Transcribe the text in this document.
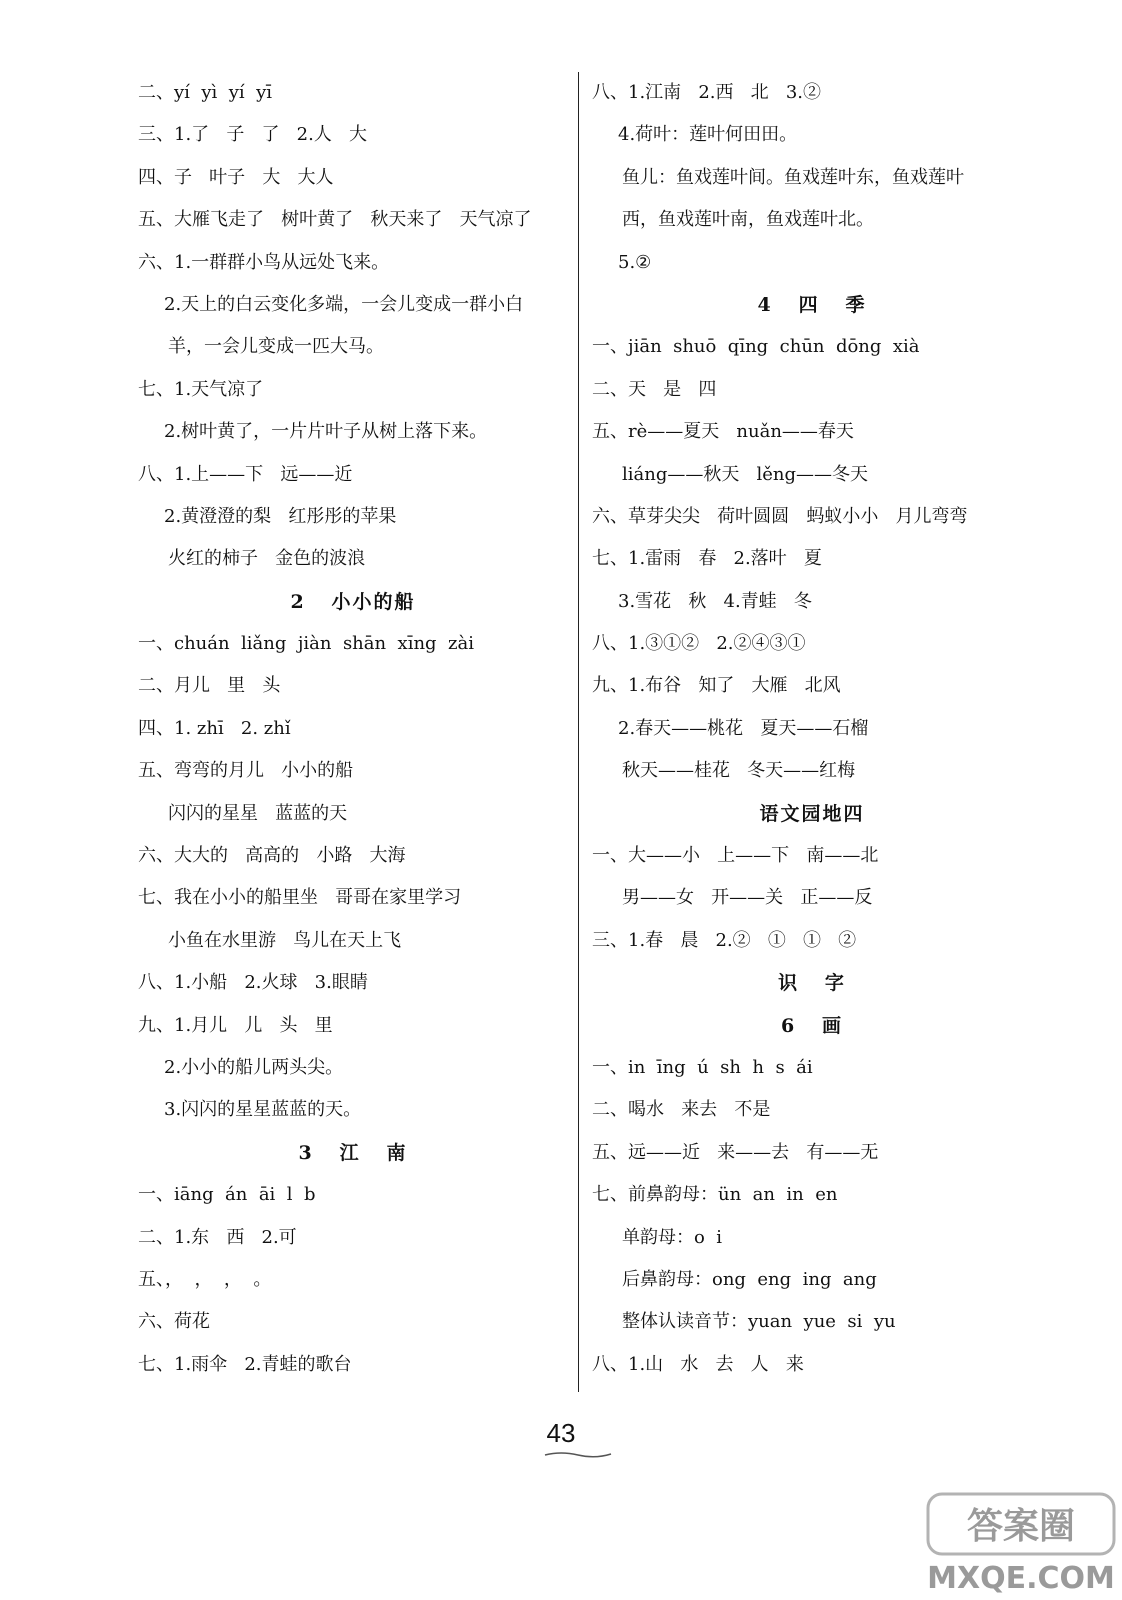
二、yí  yì  yí  yī
三、1.了   子   了   2.人   大
四、子   叶子   大   大人
五、大雁飞走了   树叶黄了   秋天来了   天气凉了
六、1.一群群小鸟从远处飞来。
2.天上的白云变化多端，一会儿变成一群小白
羊，一会儿变成一匹大马。
七、1.天气凉了
2.树叶黄了，一片片叶子从树上落下来。
八、1.上——下   远——近
2.黄澄澄的梨   红彤彤的苹果
火红的柿子   金色的波浪
2   小小的船
一、chuán  liǎng  jiàn  shān  xīng  zài
二、月儿   里   头
四、1. zhī   2. zhǐ
五、弯弯的月儿   小小的船
闪闪的星星   蓝蓝的天
六、大大的   高高的   小路   大海
七、我在小小的船里坐   哥哥在家里学习
小鱼在水里游   鸟儿在天上飞
八、1.小船   2.火球   3.眼睛
九、1.月儿   儿   头   里
2.小小的船儿两头尖。
3.闪闪的星星蓝蓝的天。
3   江   南
一、iāng  án  āi  l  b
二、1.东   西   2.可
五、，  ，  ，  。
六、荷花
七、1.雨伞   2.青蛙的歌台
八、1.江南   2.西   北   3.②
4.荷叶：莲叶何田田。
鱼儿：鱼戏莲叶间。鱼戏莲叶东，鱼戏莲叶
西，鱼戏莲叶南，鱼戏莲叶北。
5.②
4   四   季
一、jiān  shuō  qīng  chūn  dōng  xià
二、天   是   四
五、rè——夏天   nuǎn——春天
liáng——秋天   lěng——冬天
六、草芽尖尖   荷叶圆圆   蚂蚁小小   月儿弯弯
七、1.雷雨   春   2.落叶   夏
3.雪花   秋   4.青蛙   冬
八、1.③①②   2.②④③①
九、1.布谷   知了   大雁   北风
2.春天——桃花   夏天——石榴
秋天——桂花   冬天——红梅
语文园地四
一、大——小   上——下   南——北
男——女   开——关   正——反
三、1.春   晨   2.②   ①   ①   ②
识   字
6   画
一、in  īng  ú  sh  h  s  ái
二、喝水   来去   不是
五、远——近   来——去   有——无
七、前鼻韵母：ün  an  in  en
单韵母：o  i
后鼻韵母：ong  eng  ing  ang
整体认读音节：yuan  yue  si  yu
八、1.山   水   去   人   来
43
答案圈
MXQE.COM
